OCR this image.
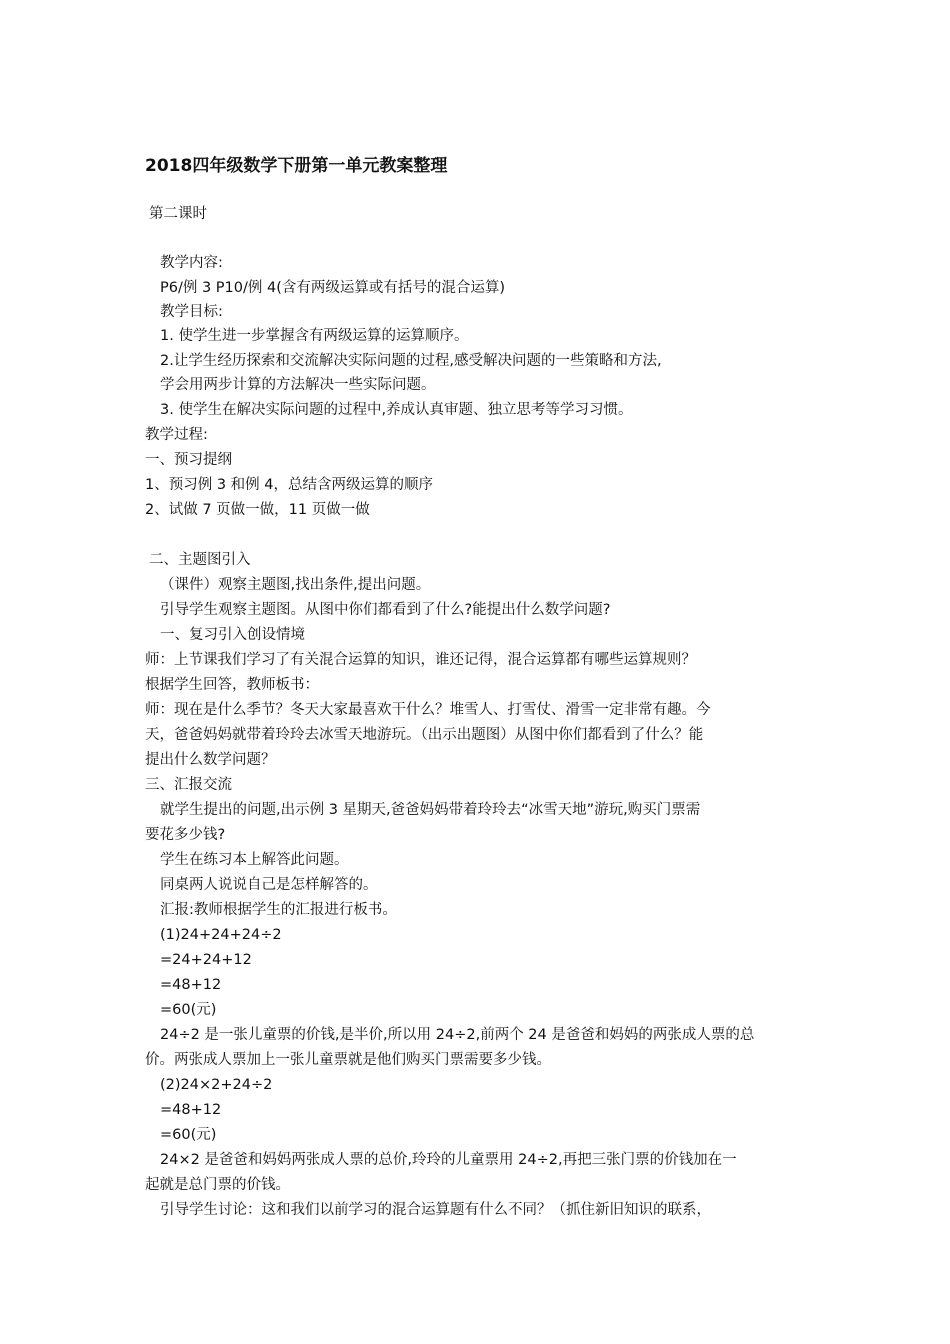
2018四年级数学下册第一单元教案整理
第二课时
教学内容:
P6/例 3 P10/例 4(含有两级运算或有括号的混合运算)
教学目标:
1. 使学生进一步掌握含有两级运算的运算顺序。
2.让学生经历探索和交流解决实际问题的过程,感受解决问题的一些策略和方法,
学会用两步计算的方法解决一些实际问题。
3. 使学生在解决实际问题的过程中,养成认真审题、独立思考等学习习惯。
教学过程:
一、预习提纲
1、预习例 3 和例 4，总结含两级运算的顺序
2、试做 7 页做一做，11 页做一做
二、主题图引入
（课件）观察主题图,找出条件,提出问题。
引导学生观察主题图。从图中你们都看到了什么?能提出什么数学问题?
一、复习引入创设情境
师：上节课我们学习了有关混合运算的知识，谁还记得，混合运算都有哪些运算规则？
根据学生回答，教师板书：
师：现在是什么季节？冬天大家最喜欢干什么？堆雪人、打雪仗、滑雪一定非常有趣。今
天，爸爸妈妈就带着玲玲去冰雪天地游玩。（出示出题图）从图中你们都看到了什么？能
提出什么数学问题？
三、汇报交流
就学生提出的问题,出示例 3 星期天,爸爸妈妈带着玲玲去“冰雪天地”游玩,购买门票需
要花多少钱?
学生在练习本上解答此问题。
同桌两人说说自己是怎样解答的。
汇报:教师根据学生的汇报进行板书。
(1)24+24+24÷2
=24+24+12
=48+12
=60(元)
24÷2 是一张儿童票的价钱,是半价,所以用 24÷2,前两个 24 是爸爸和妈妈的两张成人票的总
价。两张成人票加上一张儿童票就是他们购买门票需要多少钱。
(2)24×2+24÷2
=48+12
=60(元)
24×2 是爸爸和妈妈两张成人票的总价,玲玲的儿童票用 24÷2,再把三张门票的价钱加在一
起就是总门票的价钱。
引导学生讨论：这和我们以前学习的混合运算题有什么不同？（抓住新旧知识的联系，
